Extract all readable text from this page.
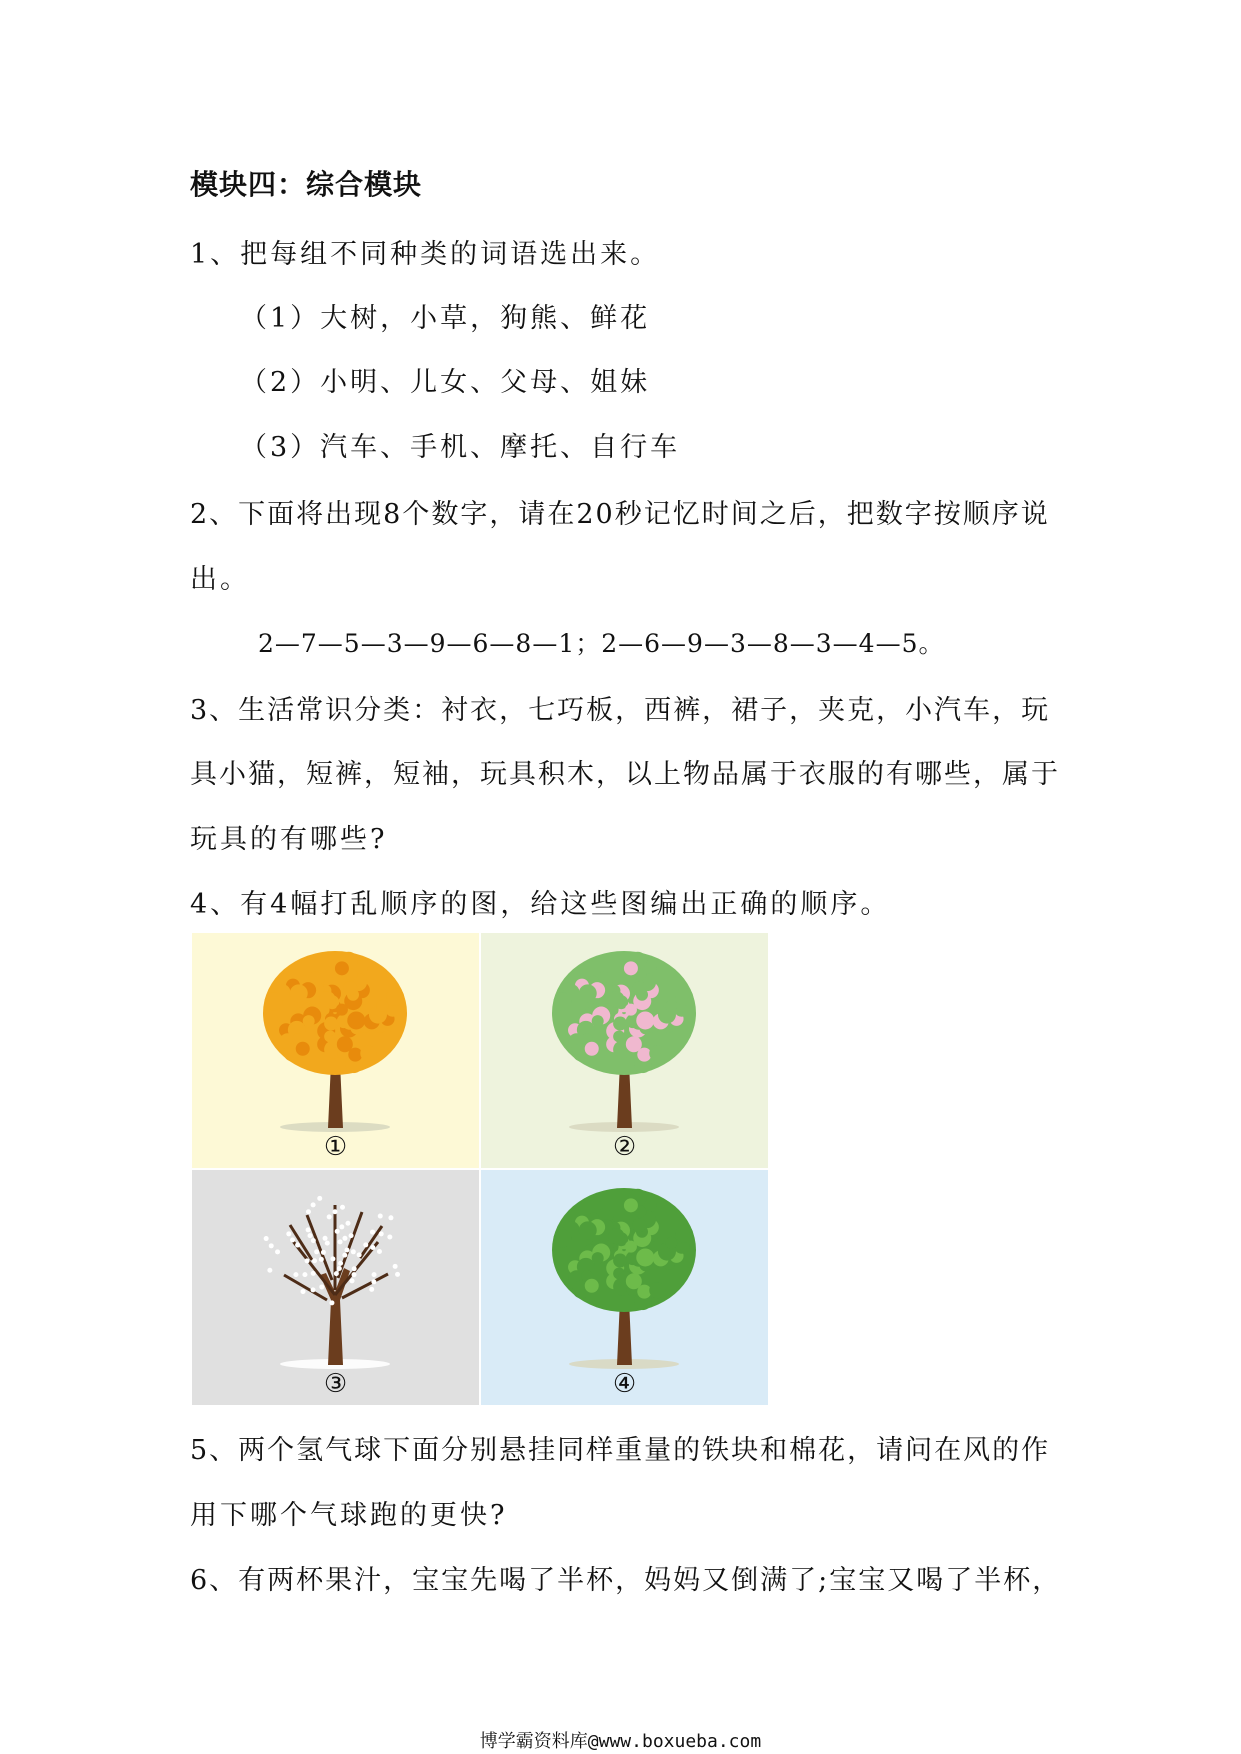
模块四：综合模块
1、把每组不同种类的词语选出来。
（1）大树，小草，狗熊、鲜花
（2）小明、儿女、父母、姐妹
（3）汽车、手机、摩托、自行车
2、下面将出现8个数字，请在20秒记忆时间之后，把数字按顺序说
出。
2—7—5—3—9—6—8—1；2—6—9—3—8—3—4—5。
3、生活常识分类：衬衣，七巧板，西裤，裙子，夹克，小汽车，玩
具小猫，短裤，短袖，玩具积木，以上物品属于衣服的有哪些，属于
玩具的有哪些?
4、有4幅打乱顺序的图，给这些图编出正确的顺序。
①	②
③	④
5、两个氢气球下面分别悬挂同样重量的铁块和棉花，请问在风的作
用下哪个气球跑的更快?
6、有两杯果汁，宝宝先喝了半杯，妈妈又倒满了;宝宝又喝了半杯，
博学霸资料库@www.boxueba.com
